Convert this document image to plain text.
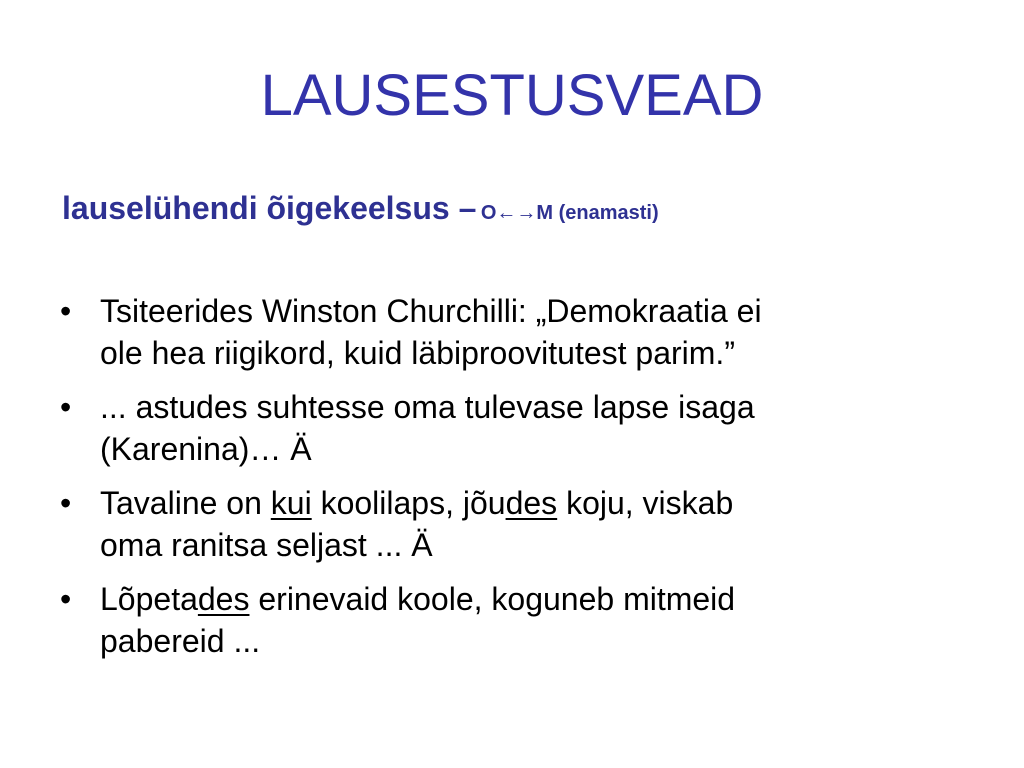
LAUSESTUSVEAD
lauselühendi õigekeelsus – O←→M (enamasti)
• Tsiteerides Winston Churchilli: „Demokraatia ei
ole hea riigikord, kuid läbiproovitutest parim.”
• ... astudes suhtesse oma tulevase lapse isaga
(Karenina)… Ä
• Tavaline on kui koolilaps, jõudes koju, viskab
oma ranitsa seljast ... Ä
• Lõpetades erinevaid koole, koguneb mitmeid
pabereid ...
